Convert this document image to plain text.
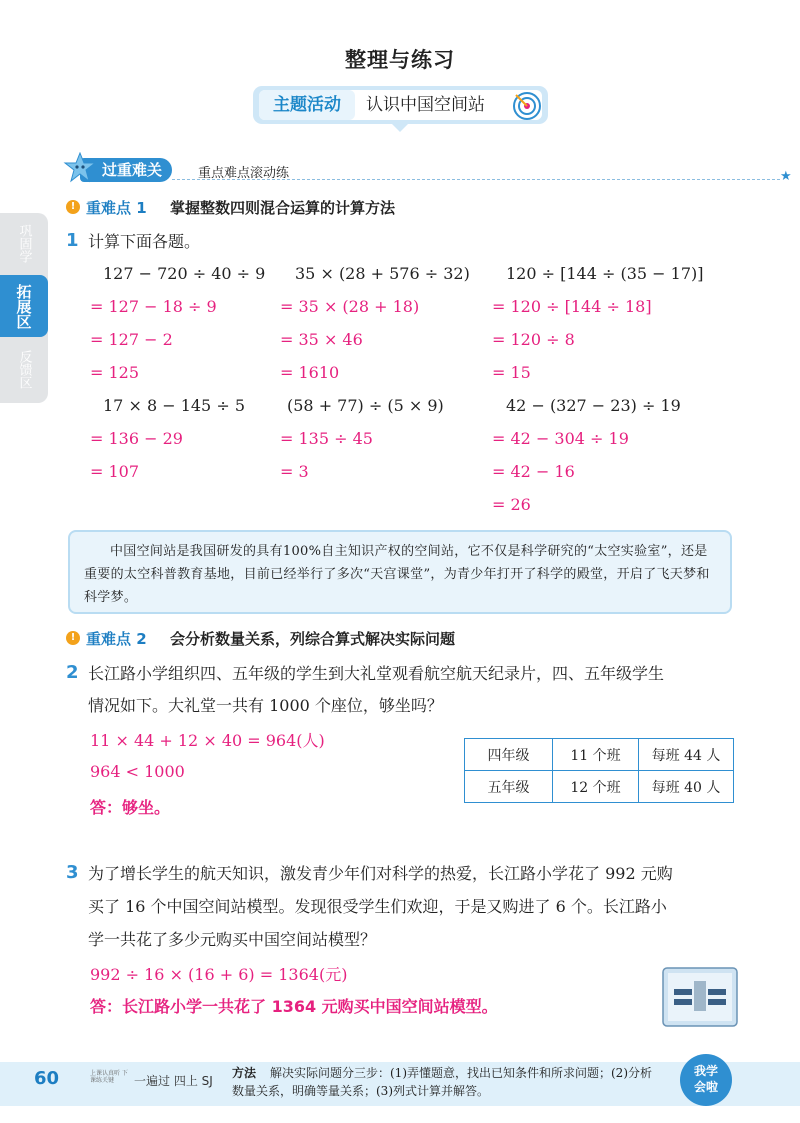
整理与练习
主题活动	认识中国空间站
巩固学
拓展区
反馈区
过重难关	重点难点滚动练	★
! 重难点 1 掌握整数四则混合运算的计算方法
1 计算下面各题。
127 − 720 ÷ 40 ÷ 9
= 127 − 18 ÷ 9
= 127 − 2
= 125
17 × 8 − 145 ÷ 5
= 136 − 29
= 107
35 × (28 + 576 ÷ 32)
= 35 × (28 + 18)
= 35 × 46
= 1610
(58 + 77) ÷ (5 × 9)
= 135 ÷ 45
= 3
120 ÷ [144 ÷ (35 − 17)]
= 120 ÷ [144 ÷ 18]
= 120 ÷ 8
= 15
42 − (327 − 23) ÷ 19
= 42 − 304 ÷ 19
= 42 − 16
= 26
中国空间站是我国研发的具有100%自主知识产权的空间站，它不仅是科学研究的“太空实验室”，还是重要的太空科普教育基地，目前已经举行了多次“天宫课堂”，为青少年打开了科学的殿堂，开启了飞天梦和科学梦。
! 重难点 2 会分析数量关系，列综合算式解决实际问题
2 长江路小学组织四、五年级的学生到大礼堂观看航空航天纪录片，四、五年级学生
情况如下。大礼堂一共有 1000 个座位，够坐吗？
11 × 44 + 12 × 40 = 964(人)
964 < 1000
答：够坐。
四年级	11 个班	每班 44 人
五年级	12 个班	每班 40 人
3 为了增长学生的航天知识，激发青少年们对科学的热爱，长江路小学花了 992 元购
买了 16 个中国空间站模型。发现很受学生们欢迎，于是又购进了 6 个。长江路小
学一共花了多少元购买中国空间站模型？
992 ÷ 16 × (16 + 6) = 1364(元)
答：长江路小学一共花了 1364 元购买中国空间站模型。
60	上课认真听 下课练关键	一遍过 四上 SJ
解决实际问题分三步：(1)弄懂题意，找出已知条件和所求问题；(2)分析数量关系，明确等量关系；(3)列式计算并解答。
方法	我学
会啦
